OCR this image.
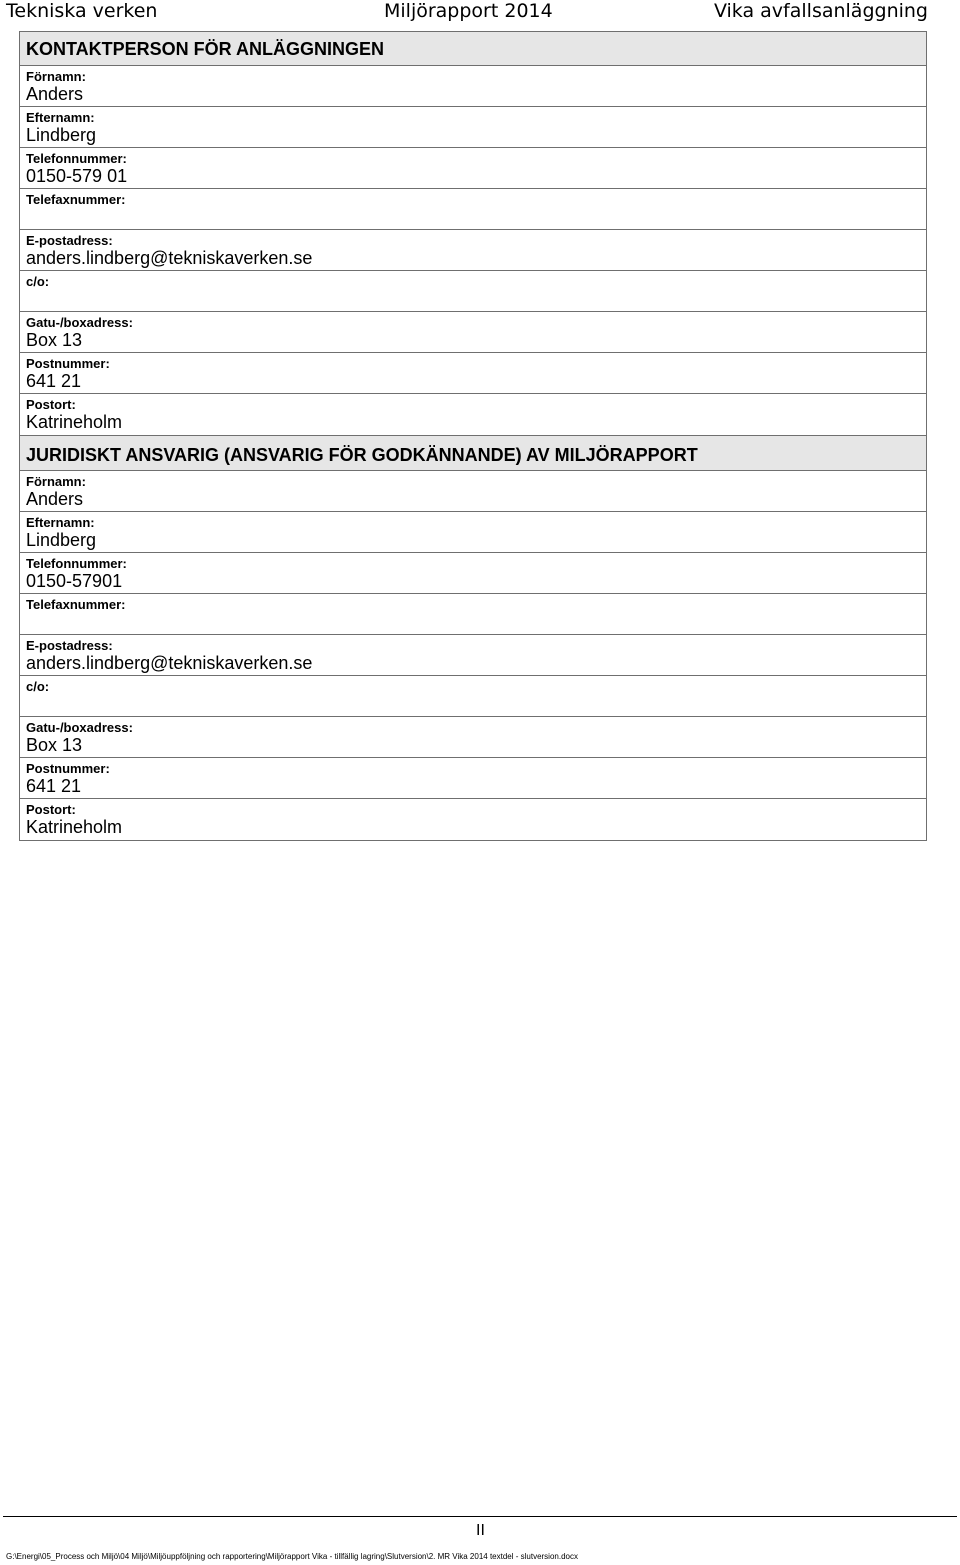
Tekniska verken	Miljörapport 2014	Vika avfallsanläggning
KONTAKTPERSON FÖR ANLÄGGNINGEN
Förnamn:
Anders
Efternamn:
Lindberg
Telefonnummer:
0150-579 01
Telefaxnummer:
E-postadress:
anders.lindberg@tekniskaverken.se
c/o:
Gatu-/boxadress:
Box 13
Postnummer:
641 21
Postort:
Katrineholm
JURIDISKT ANSVARIG (ANSVARIG FÖR GODKÄNNANDE) AV MILJÖRAPPORT
Förnamn:
Anders
Efternamn:
Lindberg
Telefonnummer:
0150-57901
Telefaxnummer:
E-postadress:
anders.lindberg@tekniskaverken.se
c/o:
Gatu-/boxadress:
Box 13
Postnummer:
641 21
Postort:
Katrineholm
II
G:\Energi\05_Process och Miljö\04 Miljö\Miljöuppföljning och rapportering\Miljörapport Vika - tillfällig lagring\Slutversion\2. MR Vika 2014 textdel - slutversion.docx
